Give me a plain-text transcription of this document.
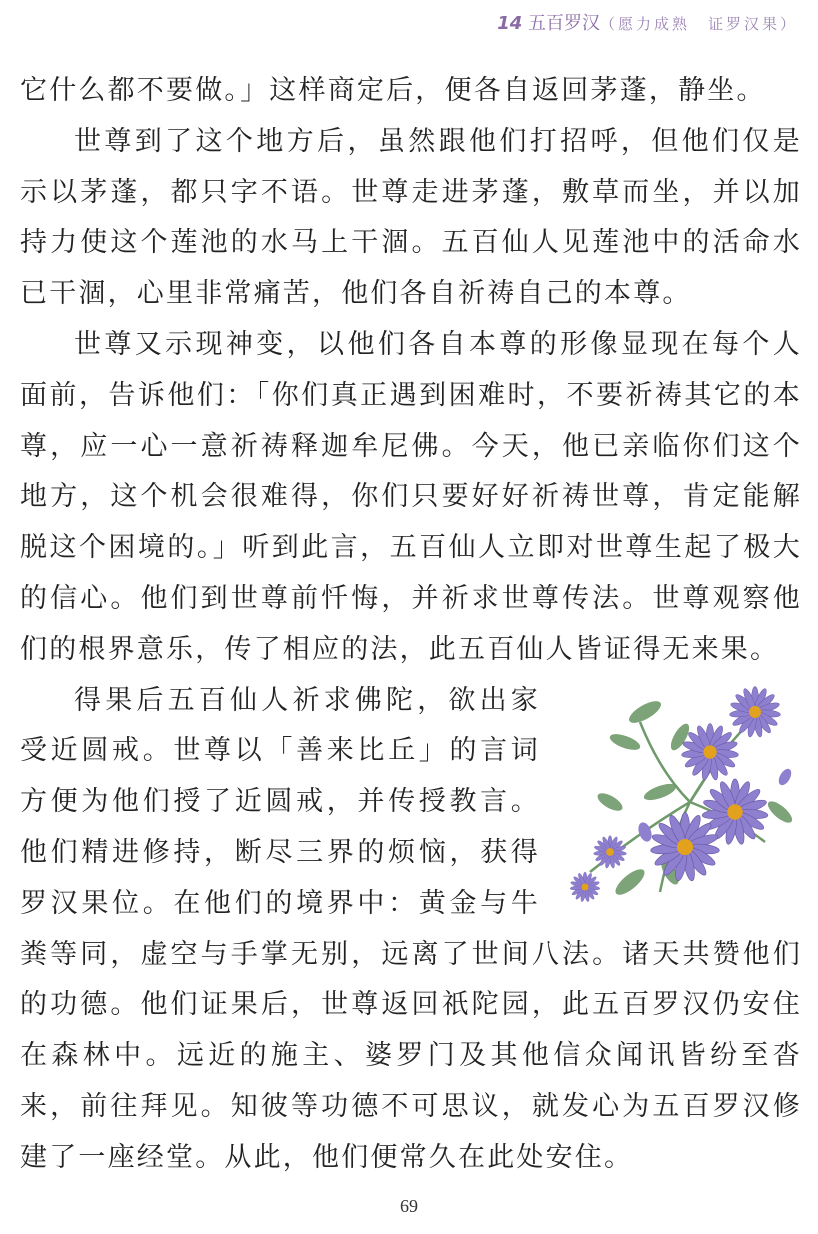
14 五百罗汉（愿力成熟　证罗汉果）

它什么都不要做。」这样商定后，便各自返回茅蓬，静坐。

世尊到了这个地方后，虽然跟他们打招呼，但他们仅是示以茅蓬，都只字不语。世尊走进茅蓬，敷草而坐，并以加持力使这个莲池的水马上干涸。五百仙人见莲池中的活命水已干涸，心里非常痛苦，他们各自祈祷自己的本尊。

世尊又示现神变，以他们各自本尊的形像显现在每个人面前，告诉他们：「你们真正遇到困难时，不要祈祷其它的本尊，应一心一意祈祷释迦牟尼佛。今天，他已亲临你们这个地方，这个机会很难得，你们只要好好祈祷世尊，肯定能解脱这个困境的。」听到此言，五百仙人立即对世尊生起了极大的信心。他们到世尊前忏悔，并祈求世尊传法。世尊观察他们的根界意乐，传了相应的法，此五百仙人皆证得无来果。

得果后五百仙人祈求佛陀，欲出家受近圆戒。世尊以「善来比丘」的言词方便为他们授了近圆戒，并传授教言。他们精进修持，断尽三界的烦恼，获得罗汉果位。在他们的境界中：黄金与牛粪等同，虚空与手掌无别，远离了世间八法。诸天共赞他们的功德。他们证果后，世尊返回祇陀园，此五百罗汉仍安住在森林中。远近的施主、婆罗门及其他信众闻讯皆纷至沓来，前往拜见。知彼等功德不可思议，就发心为五百罗汉修建了一座经堂。从此，他们便常久在此处安住。

69
